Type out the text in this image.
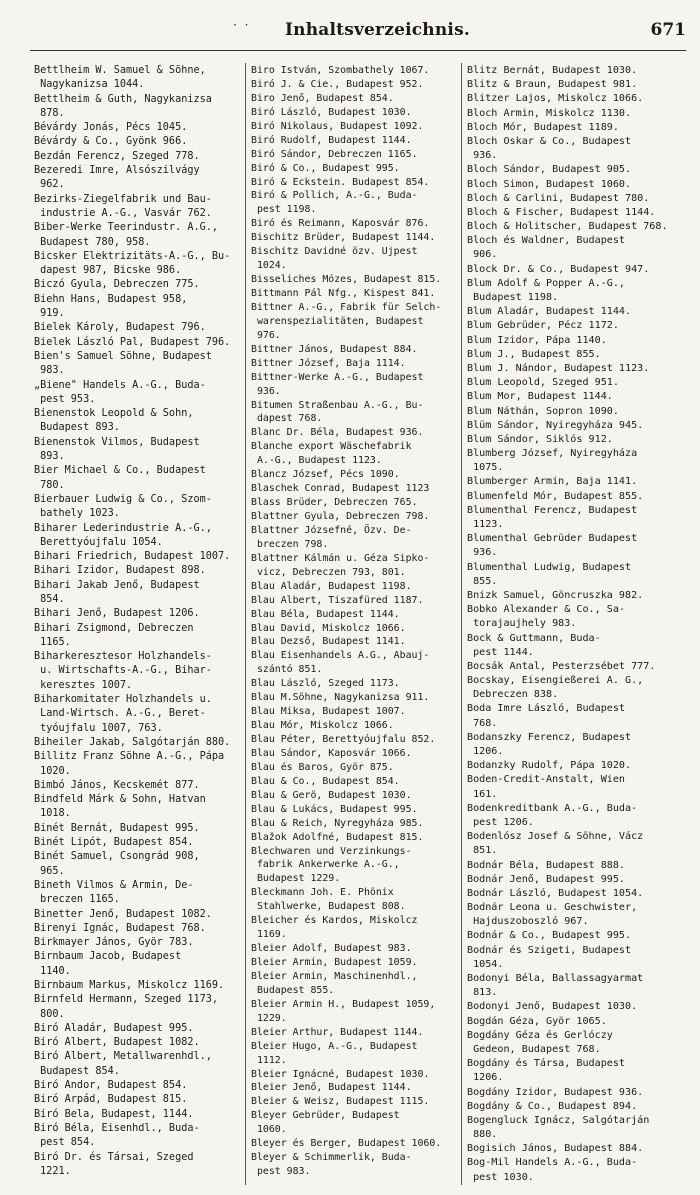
· · Inhaltsverzeichnis.	671
Bettlheim W. Samuel & Söhne,
Nagykanizsa 1044.
Bettlheim & Guth, Nagykanizsa
878.
Bévárdy Jonás, Pécs 1045.
Bévárdy & Co., Gyönk 966.
Bezdán Ferencz, Szeged 778.
Bezeredi Imre, Alsószilvágy
962.
Bezirks-Ziegelfabrik und Bau-
industrie A.-G., Vasvár 762.
Biber-Werke Teerindustr. A.G.,
Budapest 780, 958.
Bicsker Elektrizitäts-A.-G., Bu-
dapest 987, Bicske 986.
Biczó Gyula, Debreczen 775.
Biehn Hans, Budapest 958,
919.
Bielek Károly, Budapest 796.
Bielek László Pal, Budapest 796.
Bien's Samuel Söhne, Budapest
983.
„Biene" Handels A.-G., Buda-
pest 953.
Bienenstok Leopold & Sohn,
Budapest 893.
Bienenstok Vilmos, Budapest
893.
Bier Michael & Co., Budapest
780.
Bierbauer Ludwig & Co., Szom-
bathely 1023.
Biharer Lederindustrie A.-G.,
Berettyóujfalu 1054.
Bihari Friedrich, Budapest 1007.
Bihari Izidor, Budapest 898.
Bihari Jakab Jenő, Budapest
854.
Bihari Jenő, Budapest 1206.
Bihari Zsigmond, Debreczen
1165.
Biharkeresztesor Holzhandels-
u. Wirtschafts-A.-G., Bihar-
keresztes 1007.
Biharkomitater Holzhandels u.
Land-Wirtsch. A.-G., Beret-
tyóujfalu 1007, 763.
Biheiler Jakab, Salgótarján 880.
Billitz Franz Söhne A.-G., Pápa
1020.
Bimbó János, Kecskemét 877.
Bindfeld Márk & Sohn, Hatvan
1018.
Binét Bernát, Budapest 995.
Binét Lipót, Budapest 854.
Binét Samuel, Csongrád 908,
965.
Bineth Vilmos & Armin, De-
breczen 1165.
Binetter Jenő, Budapest 1082.
Birenyi Ignác, Budapest 768.
Birkmayer János, Györ 783.
Birnbaum Jacob, Budapest
1140.
Birnbaum Markus, Miskolcz 1169.
Birnfeld Hermann, Szeged 1173,
800.
Biró Aladár, Budapest 995.
Biró Albert, Budapest 1082.
Biró Albert, Metallwarenhdl.,
Budapest 854.
Biró Andor, Budapest 854.
Biró Arpád, Budapest 815.
Biró Bela, Budapest, 1144.
Biró Béla, Eisenhdl., Buda-
pest 854.
Biró Dr. és Társai, Szeged
1221.
Biro István, Szombathely 1067.
Biró J. & Cie., Budapest 952.
Biro Jenő, Budapest 854.
Biró László, Budapest 1030.
Biró Nikolaus, Budapest 1092.
Biró Rudolf, Budapest 1144.
Biró Sándor, Debreczen 1165.
Biró & Co., Budapest 995.
Biró & Eckstein. Budapest 854.
Biró & Pollich, A.-G., Buda-
pest 1198.
Biró és Reimann, Kaposvár 876.
Bischitz Brüder, Budapest 1144.
Bischitz Davidné özv. Ujpest
1024.
Bisseliches Mózes, Budapest 815.
Bittmann Pál Nfg., Kispest 841.
Bittner A.-G., Fabrik für Selch-
warenspezialitäten, Budapest
976.
Bittner János, Budapest 884.
Bittner József, Baja 1114.
Bittner-Werke A.-G., Budapest
936.
Bitumen Straßenbau A.-G., Bu-
dapest 768.
Blanc Dr. Béla, Budapest 936.
Blanche export Wäschefabrik
A.-G., Budapest 1123.
Blancz József, Pécs 1090.
Blaschek Conrad, Budapest 1123
Blass Brüder, Debreczen 765.
Blattner Gyula, Debreczen 798.
Blattner Józsefné, Özv. De-
breczen 798.
Blattner Kálmán u. Géza Sipko-
vicz, Debreczen 793, 801.
Blau Aladár, Budapest 1198.
Blau Albert, Tiszafüred 1187.
Blau Béla, Budapest 1144.
Blau David, Miskolcz 1066.
Blau Dezső, Budapest 1141.
Blau Eisenhandels A.G., Abauj-
szántó 851.
Blau László, Szeged 1173.
Blau M.Söhne, Nagykanizsa 911.
Blau Miksa, Budapest 1007.
Blau Mór, Miskolcz 1066.
Blau Péter, Berettyóujfalu 852.
Blau Sándor, Kaposvár 1066.
Blau és Baros, Györ 875.
Blau & Co., Budapest 854.
Blau & Gerö, Budapest 1030.
Blau & Lukács, Budapest 995.
Blau & Reich, Nyregyháza 985.
Blažok Adolfné, Budapest 815.
Blechwaren und Verzinkungs-
fabrik Ankerwerke A.-G.,
Budapest 1229.
Bleckmann Joh. E. Phönix
Stahlwerke, Budapest 808.
Bleicher és Kardos, Miskolcz
1169.
Bleier Adolf, Budapest 983.
Bleier Armin, Budapest 1059.
Bleier Armin, Maschinenhdl.,
Budapest 855.
Bleier Armin H., Budapest 1059,
1229.
Bleier Arthur, Budapest 1144.
Bleier Hugo, A.-G., Budapest
1112.
Bleier Ignácné, Budapest 1030.
Bleier Jenő, Budapest 1144.
Bleier & Weisz, Budapest 1115.
Bleyer Gebrüder, Budapest
1060.
Bleyer és Berger, Budapest 1060.
Bleyer & Schimmerlik, Buda-
pest 983.
Blitz Bernát, Budapest 1030.
Blitz & Braun, Budapest 981.
Blitzer Lajos, Miskolcz 1066.
Bloch Armin, Miskolcz 1130.
Bloch Mór, Budapest 1189.
Bloch Oskar & Co., Budapest
936.
Bloch Sándor, Budapest 905.
Bloch Simon, Budapest 1060.
Bloch & Carlini, Budapest 780.
Bloch & Fischer, Budapest 1144.
Bloch & Holitscher, Budapest 768.
Bloch és Waldner, Budapest
906.
Block Dr. & Co., Budapest 947.
Blum Adolf & Popper A.-G.,
Budapest 1198.
Blum Aladár, Budapest 1144.
Blum Gebrüder, Pécz 1172.
Blum Izidor, Pápa 1140.
Blum J., Budapest 855.
Blum J. Nándor, Budapest 1123.
Blum Leopold, Szeged 951.
Blum Mor, Budapest 1144.
Blum Náthán, Sopron 1090.
Blüm Sándor, Nyiregyháza 945.
Blum Sándor, Siklós 912.
Blumberg József, Nyiregyháza
1075.
Blumberger Armin, Baja 1141.
Blumenfeld Mór, Budapest 855.
Blumenthal Ferencz, Budapest
1123.
Blumenthal Gebrüder Budapest
936.
Blumenthal Ludwig, Budapest
855.
Bnizk Samuel, Göncruszka 982.
Bobko Alexander & Co., Sa-
torajaujhely 983.
Bock & Guttmann, Buda-
pest 1144.
Bocsák Antal, Pesterzsébet 777.
Bocskay, Eisengießerei A. G.,
Debreczen 838.
Boda Imre László, Budapest
768.
Bodanszky Ferencz, Budapest
1206.
Bodanzky Rudolf, Pápa 1020.
Boden-Credit-Anstalt, Wien
161.
Bodenkreditbank A.-G., Buda-
pest 1206.
Bodenlósz Josef & Söhne, Vácz
851.
Bodnár Béla, Budapest 888.
Bodnár Jenő, Budapest 995.
Bodnár László, Budapest 1054.
Bodnár Leona u. Geschwister,
Hajduszoboszló 967.
Bodnár & Co., Budapest 995.
Bodnár és Szigeti, Budapest
1054.
Bodonyi Béla, Ballassagyarmat
813.
Bodonyi Jenő, Budapest 1030.
Bogdán Géza, Györ 1065.
Bogdány Géza és Gerlóczy
Gedeon, Budapest 768.
Bogdány és Társa, Budapest
1206.
Bogdány Izidor, Budapest 936.
Bogdány & Co., Budapest 894.
Bogengluck Ignácz, Salgótarján
880.
Bogisich János, Budapest 884.
Bog-Mil Handels A.-G., Buda-
pest 1030.
